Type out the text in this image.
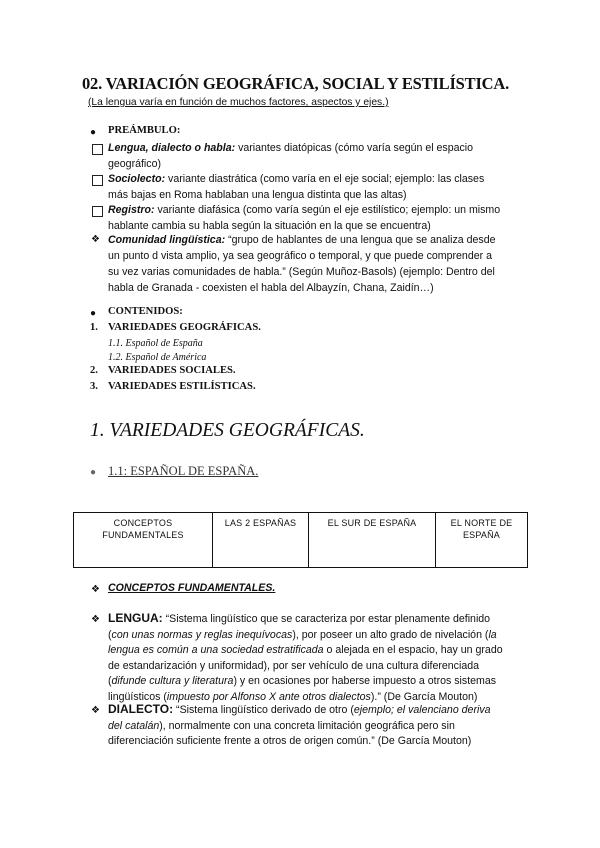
02. VARIACIÓN GEOGRÁFICA, SOCIAL Y ESTILÍSTICA.
(La lengua varía en función de muchos factores, aspectos y ejes.)
● PREÁMBULO:
Lengua, dialecto o habla: variantes diatópicas (cómo varía según el espacio geográfico)
Sociolecto: variante diastrática (como varía en el eje social; ejemplo: las clases más bajas en Roma hablaban una lengua distinta que las altas)
Registro: variante diafásica (como varía según el eje estilístico; ejemplo: un mismo hablante cambia su habla según la situación en la que se encuentra)
❖ Comunidad lingüística: “grupo de hablantes de una lengua que se analiza desde un punto d vista amplio, ya sea geográfico o temporal, y que puede comprender a su vez varias comunidades de habla.” (Según Muñoz-Basols) (ejemplo: Dentro del habla de Granada - coexisten el habla del Albayzín, Chana, Zaidín…)
● CONTENIDOS:
1. VARIEDADES GEOGRÁFICAS.
1.1. Español de España
1.2. Español de América
2. VARIEDADES SOCIALES.
3. VARIEDADES ESTILÍSTICAS.
1. VARIEDADES GEOGRÁFICAS.
● 1.1: ESPAÑOL DE ESPAÑA.
CONCEPTOS FUNDAMENTALES	LAS 2 ESPAÑAS	EL SUR DE ESPAÑA	EL NORTE DE ESPAÑA
❖ CONCEPTOS FUNDAMENTALES.
❖ LENGUA: “Sistema lingüístico que se caracteriza por estar plenamente definido (con unas normas y reglas inequívocas), por poseer un alto grado de nivelación (la lengua es común a una sociedad estratificada o alejada en el espacio, hay un grado de estandarización y uniformidad), por ser vehículo de una cultura diferenciada (difunde cultura y literatura) y en ocasiones por haberse impuesto a otros sistemas lingüísticos (impuesto por Alfonso X ante otros dialectos).” (De García Mouton)
❖ DIALECTO: “Sistema lingüístico derivado de otro (ejemplo; el valenciano deriva del catalán), normalmente con una concreta limitación geográfica pero sin diferenciación suficiente frente a otros de origen común.” (De García Mouton)
